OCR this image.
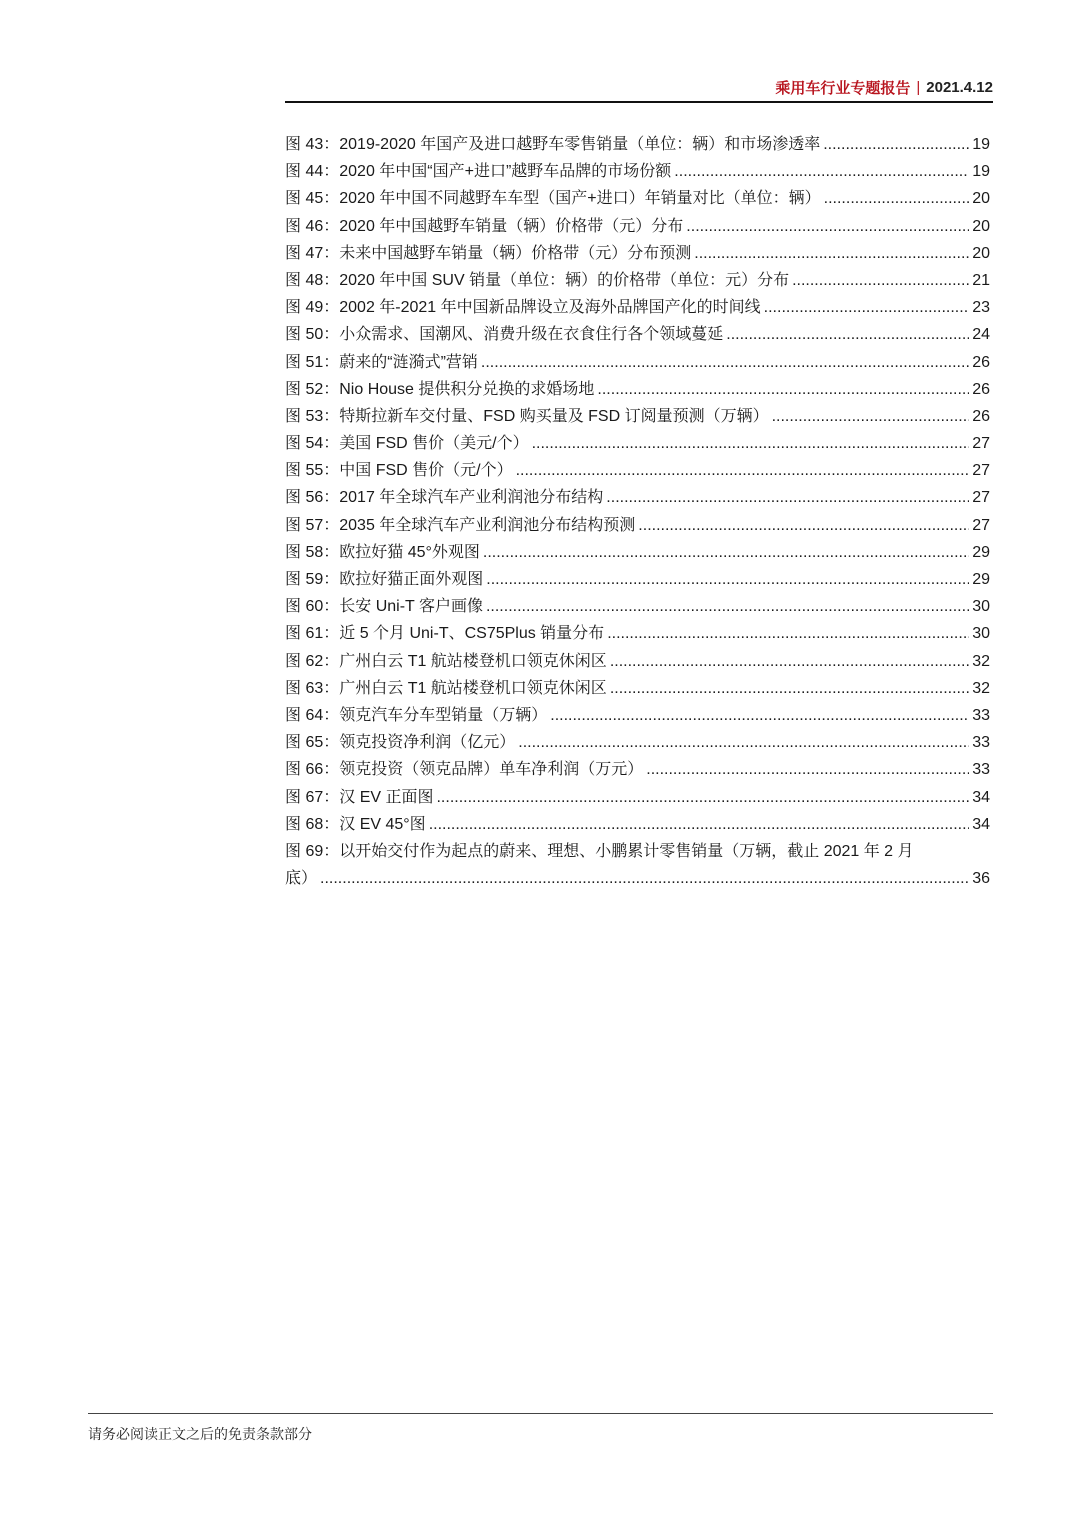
乘用车行业专题报告 | 2021.4.12
图 43：2019-2020 年国产及进口越野车零售销量（单位：辆）和市场渗透率 .....	19
图 44：2020 年中国“国产+进口”越野车品牌的市场份额 .....	19
图 45：2020 年中国不同越野车车型（国产+进口）年销量对比（单位：辆） .....	20
图 46：2020 年中国越野车销量（辆）价格带（元）分布 .....	20
图 47：未来中国越野车销量（辆）价格带（元）分布预测 .....	20
图 48：2020 年中国 SUV 销量（单位：辆）的价格带（单位：元）分布 .....	21
图 49：2002 年-2021 年中国新品牌设立及海外品牌国产化的时间线 .....	23
图 50：小众需求、国潮风、消费升级在衣食住行各个领域蔓延 .....	24
图 51：蔚来的“涟漪式”营销 .....	26
图 52：Nio House 提供积分兑换的求婚场地 .....	26
图 53：特斯拉新车交付量、FSD 购买量及 FSD 订阅量预测（万辆） .....	26
图 54：美国 FSD 售价（美元/个） .....	27
图 55：中国 FSD 售价（元/个） .....	27
图 56：2017 年全球汽车产业利润池分布结构 .....	27
图 57：2035 年全球汽车产业利润池分布结构预测 .....	27
图 58：欧拉好猫 45°外观图 .....	29
图 59：欧拉好猫正面外观图 .....	29
图 60：长安 Uni-T 客户画像 .....	30
图 61：近 5 个月 Uni-T、CS75Plus 销量分布 .....	30
图 62：广州白云 T1 航站楼登机口领克休闲区 .....	32
图 63：广州白云 T1 航站楼登机口领克休闲区 .....	32
图 64：领克汽车分车型销量（万辆） .....	33
图 65：领克投资净利润（亿元） .....	33
图 66：领克投资（领克品牌）单车净利润（万元） .....	33
图 67：汉 EV 正面图 .....	34
图 68：汉 EV 45°图 .....	34
图 69：以开始交付作为起点的蔚来、理想、小鹏累计零售销量（万辆，截止 2021 年 2 月
底） .....	36
请务必阅读正文之后的免责条款部分
